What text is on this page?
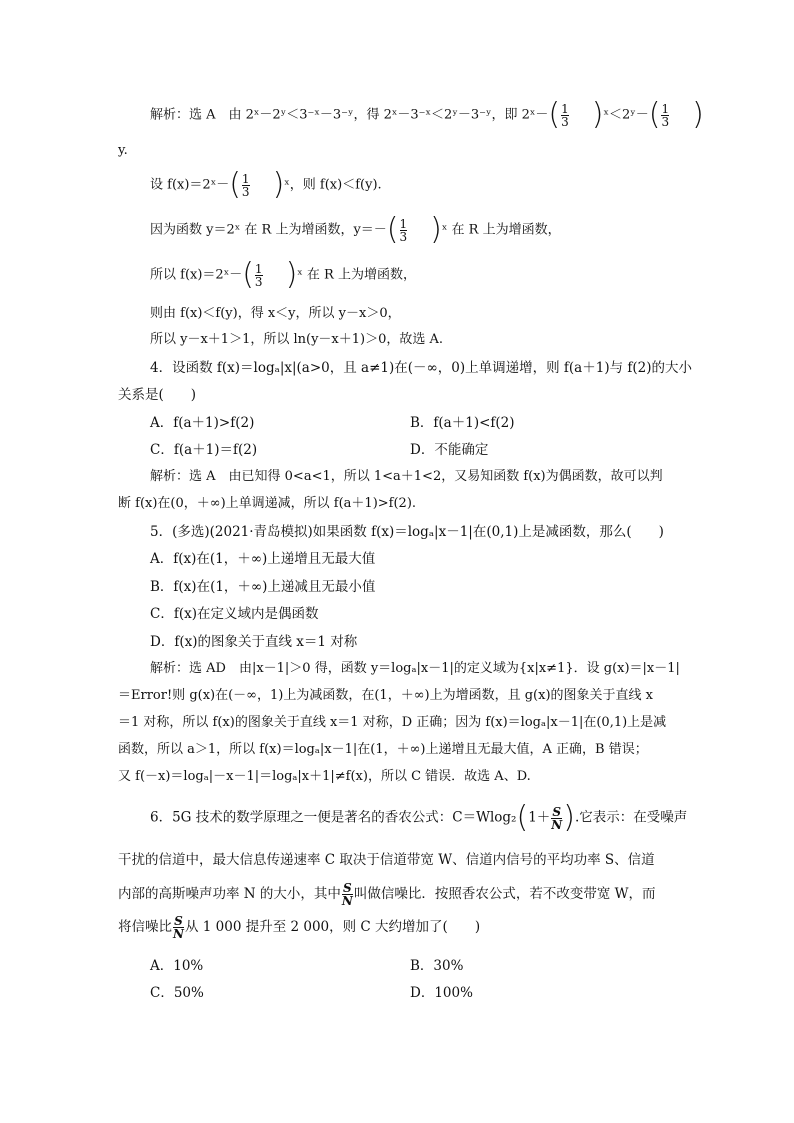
解析：选 A　由 2ˣ－2ʸ＜3⁻ˣ－3⁻ʸ，得 2ˣ－3⁻ˣ＜2ʸ－3⁻ʸ，即 2ˣ－( $\frac{1}{3}$ )ˣ＜2ʸ－( $\frac{1}{3}$ )
y.
设 f(x)＝2ˣ－( $\frac{1}{3}$ )ˣ，则 f(x)＜f(y).
因为函数 y＝2ˣ 在 R 上为增函数，$y=-( \frac{1}{3}$ )ˣ 在 R 上为增函数，
所以 f(x)＝2ˣ－( $\frac{1}{3}$ )ˣ 在 R 上为增函数，
则由 f(x)＜f(y)，得 x＜y，所以 y－x＞0，
所以 y－x＋1＞1，所以 ln(y－x＋1)＞0，故选 A.
4．设函数 f(x)＝logₐ|x|(a>0，且 a≠1)在(－∞，0)上单调递增，则 f(a＋1)与 f(2)的大小
关系是(　　)
A．f(a＋1)>f(2)	B．f(a＋1)<f(2)
C．f(a＋1)＝f(2)	D．不能确定
解析：选 A　由已知得 0<a<1，所以 1<a＋1<2，又易知函数 f(x)为偶函数，故可以判
断 f(x)在(0，＋∞)上单调递减，所以 f(a＋1)>f(2).
5．(多选)(2021·青岛模拟)如果函数 f(x)＝logₐ|x－1|在(0,1)上是减函数，那么(　　)
A．f(x)在(1，＋∞)上递增且无最大值
B．f(x)在(1，＋∞)上递减且无最小值
C．f(x)在定义域内是偶函数
D．f(x)的图象关于直线 x＝1 对称
解析：选 AD　由|x－1|＞0 得，函数 y＝logₐ|x－1|的定义域为{x|x≠1}．设 g(x)＝|x－1|
＝Error!则 g(x)在(－∞，1)上为减函数，在(1，＋∞)上为增函数，且 g(x)的图象关于直线 x
＝1 对称，所以 f(x)的图象关于直线 x＝1 对称，D 正确；因为 f(x)＝logₐ|x－1|在(0,1)上是减
函数，所以 a＞1，所以 f(x)＝logₐ|x－1|在(1，＋∞)上递增且无最大值，A 正确，B 错误；
又 f(－x)＝logₐ|－x－1|＝logₐ|x＋1|≠f(x)，所以 C 错误．故选 A、D.
6．5G 技术的数学原理之一便是著名的香农公式：$C=Wlog_2(1+ \frac{S}{N}$ ).它表示：在受噪声
干扰的信道中，最大信息传递速率 C 取决于信道带宽 W、信道内信号的平均功率 S、信道
内部的高斯噪声功率 N 的大小，其中 $\frac{S}{N}$ 叫做信噪比．按照香农公式，若不改变带宽 W，而
将信噪比 $\frac{S}{N}$ 从 1 000 提升至 2 000，则 C 大约增加了(　　)
A．10%	B．30%
C．50%	D．100%
